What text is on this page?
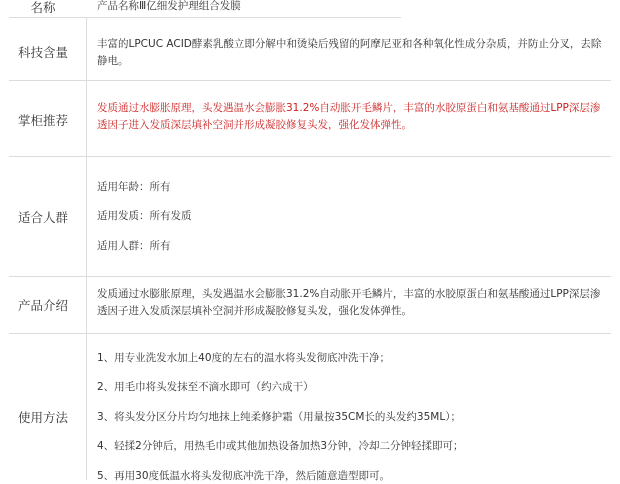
名称	产品名称Ⅲ亿细发护理组合发膜
科技含量
丰富的LPCUC ACID酵素乳酸立即分解中和烫染后残留的阿摩尼亚和各种氧化性成分杂质，并防止分叉，去除静电。
掌柜推荐
发质通过水膨胀原理，头发遇温水会膨胀31.2%自动胀开毛鳞片，丰富的水胶原蛋白和氨基酸通过LPP深层渗透因子进入发质深层填补空洞并形成凝胶修复头发，强化发体弹性。
适合人群
适用年龄：所有
适用发质：所有发质
适用人群：所有
产品介绍
发质通过水膨胀原理，头发遇温水会膨胀31.2%自动胀开毛鳞片，丰富的水胶原蛋白和氨基酸通过LPP深层渗透因子进入发质深层填补空洞并形成凝胶修复头发，强化发体弹性。
使用方法
1、用专业洗发水加上40度的左右的温水将头发彻底冲洗干净；
2、用毛巾将头发抹至不滴水即可（约六成干）
3、将头发分区分片均匀地抹上纯柔修护霜（用量按35CM长的头发约35ML）；
4、轻揉2分钟后，用热毛巾或其他加热设备加热3分钟，冷却二分钟轻揉即可；
5、再用30度低温水将头发彻底冲洗干净，然后随意造型即可。
